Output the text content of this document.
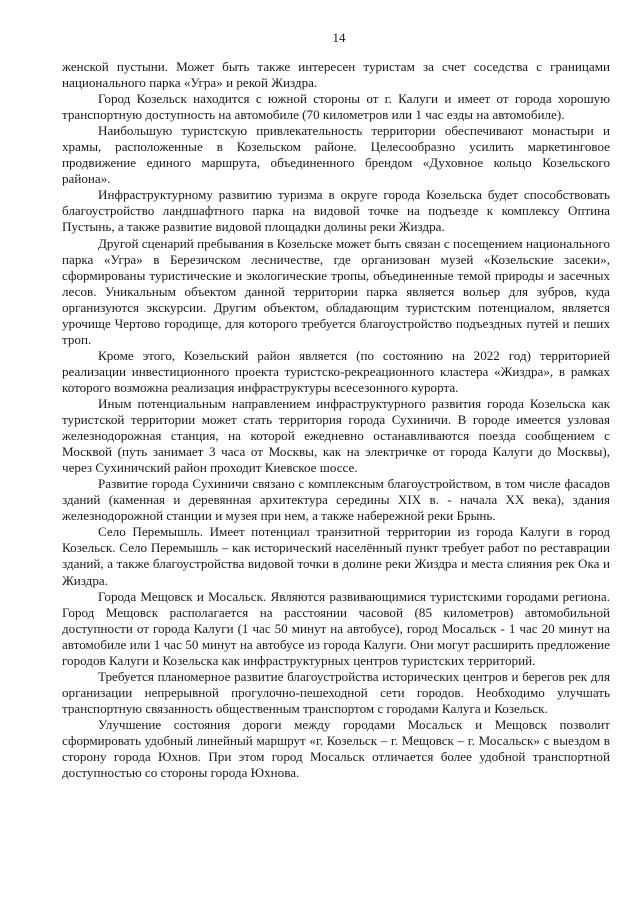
14

женской пустыни. Может быть также интересен туристам за счет соседства с границами национального парка «Угра» и рекой Жиздра.

Город Козельск находится с южной стороны от г. Калуги и имеет от города хорошую транспортную доступность на автомобиле (70 километров или 1 час езды на автомобиле).

Наибольшую туристскую привлекательность территории обеспечивают монастыри и храмы, расположенные в Козельском районе. Целесообразно усилить маркетинговое продвижение единого маршрута, объединенного брендом «Духовное кольцо Козельского района».

Инфраструктурному развитию туризма в округе города Козельска будет способствовать благоустройство ландшафтного парка на видовой точке на подъезде к комплексу Оптина Пустынь, а также развитие видовой площадки долины реки Жиздра.

Другой сценарий пребывания в Козельске может быть связан с посещением национального парка «Угра» в Березичском лесничестве, где организован музей «Козельские засеки», сформированы туристические и экологические тропы, объединенные темой природы и засечных лесов. Уникальным объектом данной территории парка является вольер для зубров, куда организуются экскурсии. Другим объектом, обладающим туристским потенциалом, является урочище Чертово городище, для которого требуется благоустройство подъездных путей и пеших троп.

Кроме этого, Козельский район является (по состоянию на 2022 год) территорией реализации инвестиционного проекта туристско-рекреационного кластера «Жиздра», в рамках которого возможна реализация инфраструктуры всесезонного курорта.

Иным потенциальным направлением инфраструктурного развития города Козельска как туристской территории может стать территория города Сухиничи. В городе имеется узловая железнодорожная станция, на которой ежедневно останавливаются поезда сообщением с Москвой (путь занимает 3 часа от Москвы, как на электричке от города Калуги до Москвы), через Сухиничский район проходит Киевское шоссе.

Развитие города Сухиничи связано с комплексным благоустройством, в том числе фасадов зданий (каменная и деревянная архитектура середины XIX в. - начала XX века), здания железнодорожной станции и музея при нем, а также набережной реки Брынь.

Село Перемышль. Имеет потенциал транзитной территории из города Калуги в город Козельск. Село Перемышль – как исторический населённый пункт требует работ по реставрации зданий, а также благоустройства видовой точки в долине реки Жиздра и места слияния рек Ока и Жиздра.

Города Мещовск и Мосальск. Являются развивающимися туристскими городами региона. Город Мещовск располагается на расстоянии часовой (85 километров) автомобильной доступности от города Калуги (1 час 50 минут на автобусе), город Мосальск - 1 час 20 минут на автомобиле или 1 час 50 минут на автобусе из города Калуги. Они могут расширить предложение городов Калуги и Козельска как инфраструктурных центров туристских территорий.

Требуется планомерное развитие благоустройства исторических центров и берегов рек для организации непрерывной прогулочно-пешеходной сети городов. Необходимо улучшать транспортную связанность общественным транспортом с городами Калуга и Козельск.

Улучшение состояния дороги между городами Мосальск и Мещовск позволит сформировать удобный линейный маршрут «г. Козельск – г. Мещовск – г. Мосальск» с выездом в сторону города Юхнов. При этом город Мосальск отличается более удобной транспортной доступностью со стороны города Юхнова.
